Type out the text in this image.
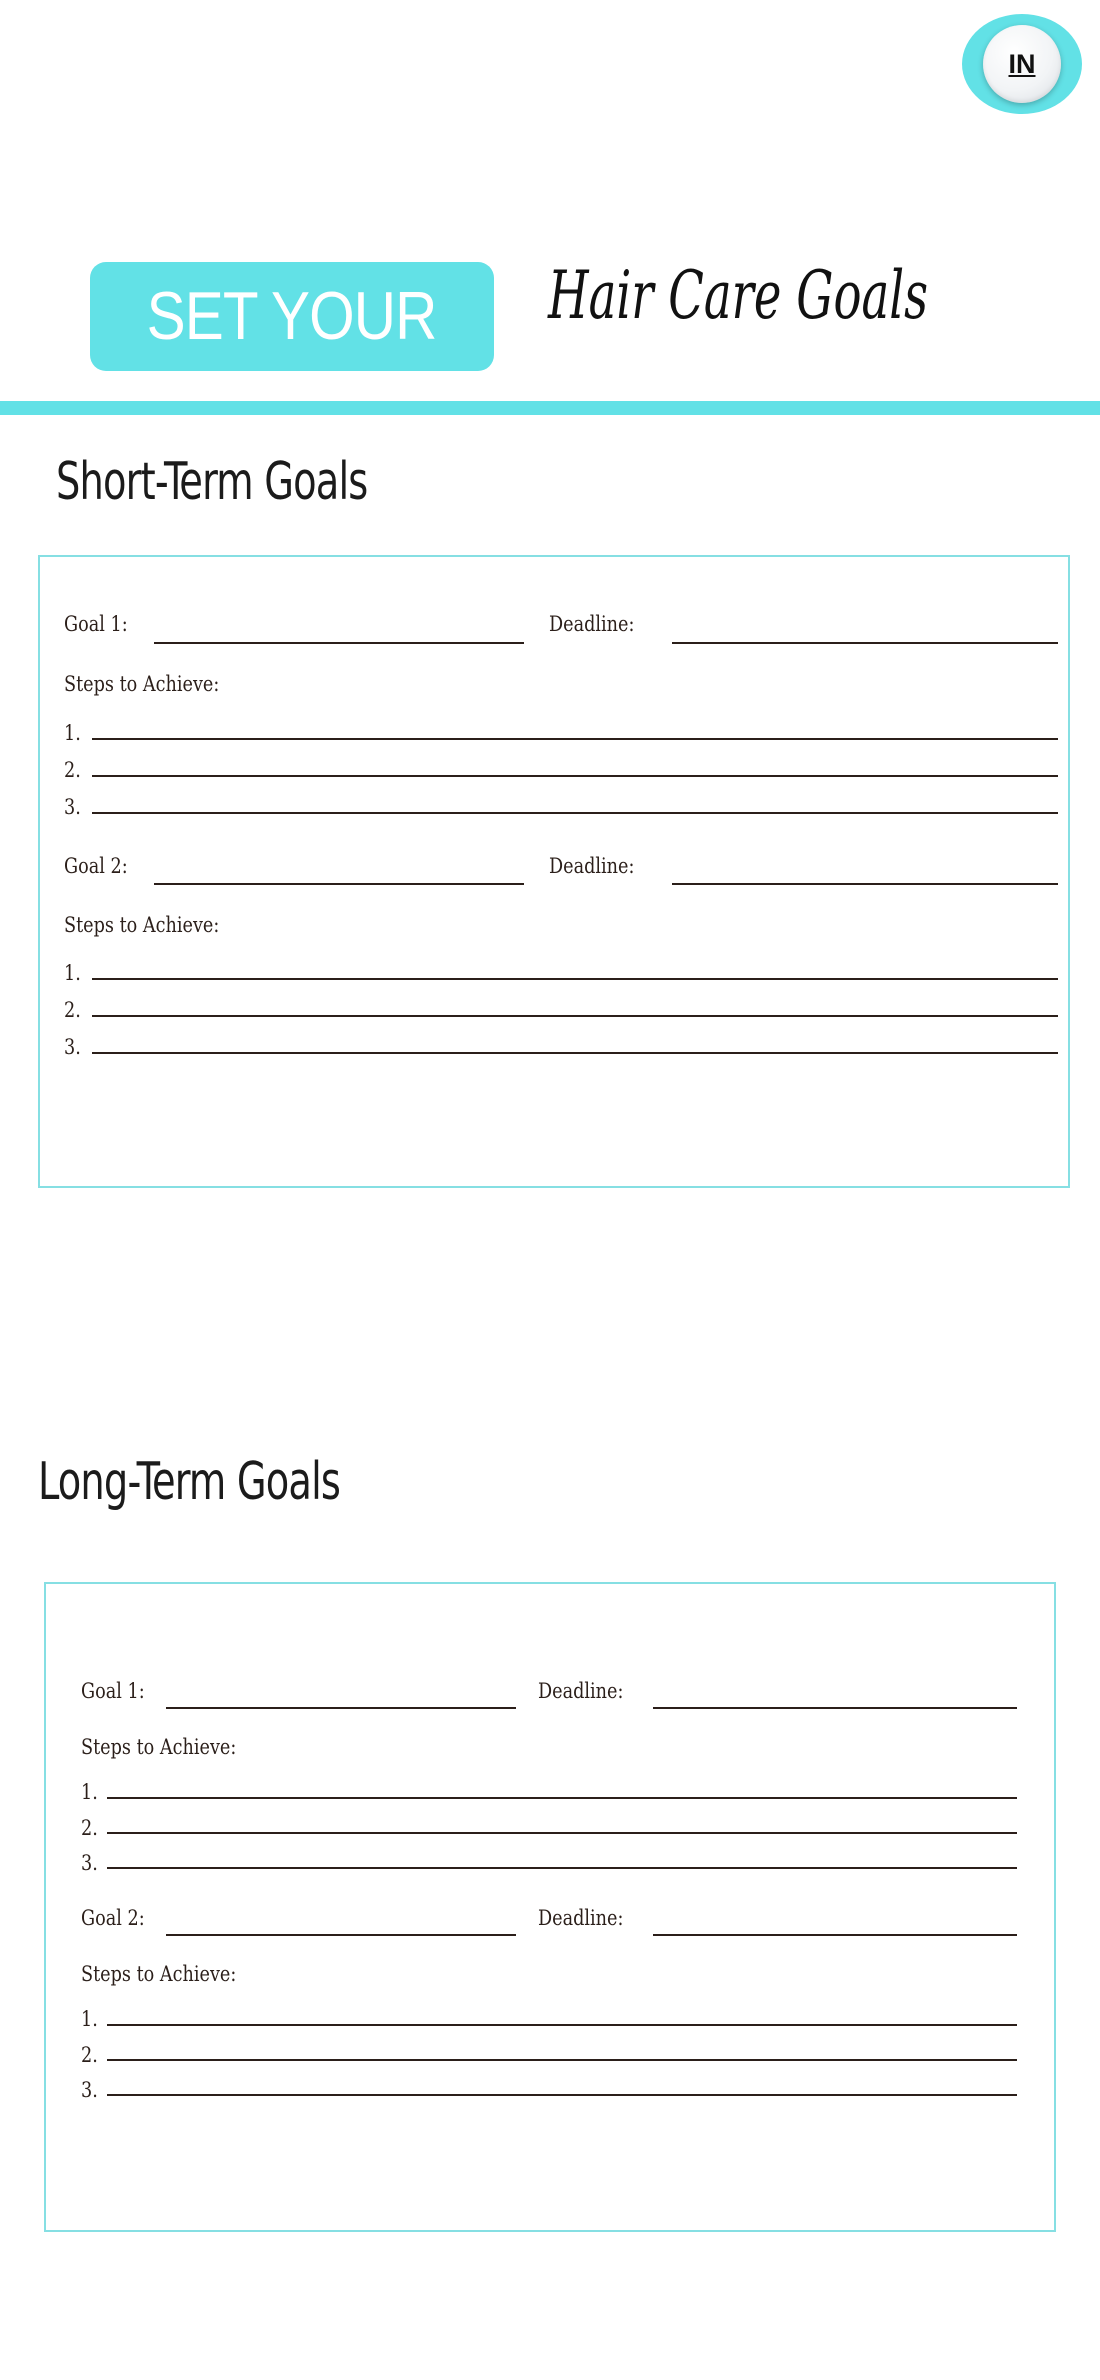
IN
SET YOUR	Hair Care Goals
Short-Term Goals
Goal 1:	Deadline:
Steps to Achieve:
1.
2.
3.
Goal 2:	Deadline:
Steps to Achieve:
1.
2.
3.
Long-Term Goals
Goal 1:	Deadline:
Steps to Achieve:
1.
2.
3.
Goal 2:	Deadline:
Steps to Achieve:
1.
2.
3.
